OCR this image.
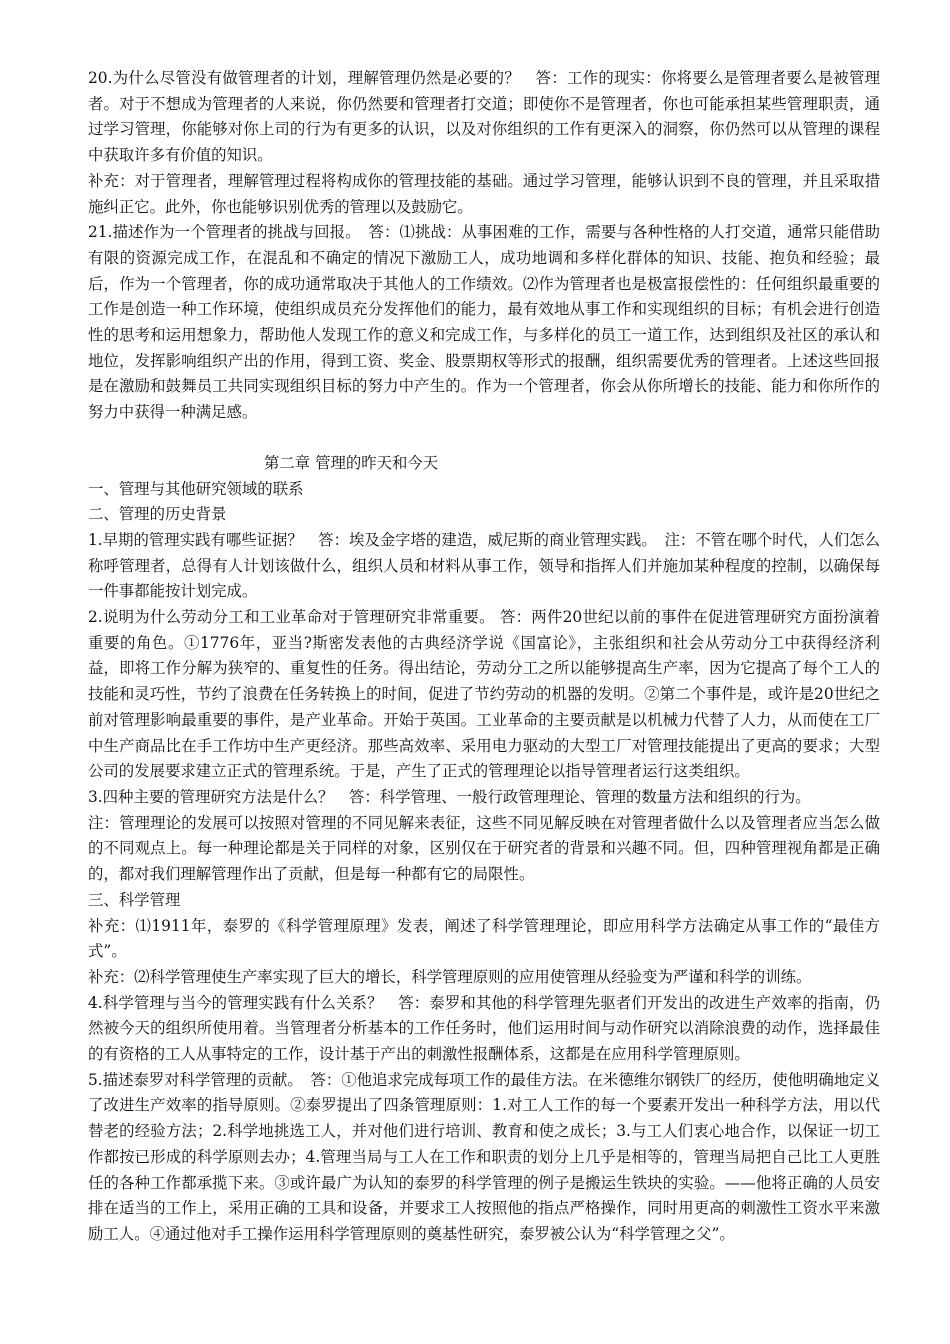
20.为什么尽管没有做管理者的计划，理解管理仍然是必要的？　答：工作的现实：你将要么是管理者要么是被管理者。对于不想成为管理者的人来说，你仍然要和管理者打交道；即使你不是管理者，你也可能承担某些管理职责，通过学习管理，你能够对你上司的行为有更多的认识，以及对你组织的工作有更深入的洞察，你仍然可以从管理的课程中获取许多有价值的知识。

补充：对于管理者，理解管理过程将构成你的管理技能的基础。通过学习管理，能够认识到不良的管理，并且采取措施纠正它。此外，你也能够识别优秀的管理以及鼓励它。

21.描述作为一个管理者的挑战与回报。　答：⑴挑战：从事困难的工作，需要与各种性格的人打交道，通常只能借助有限的资源完成工作，在混乱和不确定的情况下激励工人，成功地调和多样化群体的知识、技能、抱负和经验；最后，作为一个管理者，你的成功通常取决于其他人的工作绩效。⑵作为管理者也是极富报偿性的：任何组织最重要的工作是创造一种工作环境，使组织成员充分发挥他们的能力，最有效地从事工作和实现组织的目标；有机会进行创造性的思考和运用想象力，帮助他人发现工作的意义和完成工作，与多样化的员工一道工作，达到组织及社区的承认和地位，发挥影响组织产出的作用，得到工资、奖金、股票期权等形式的报酬，组织需要优秀的管理者。上述这些回报是在激励和鼓舞员工共同实现组织目标的努力中产生的。作为一个管理者，你会从你所增长的技能、能力和你所作的努力中获得一种满足感。

第二章 管理的昨天和今天

一、管理与其他研究领域的联系

二、管理的历史背景

1.早期的管理实践有哪些证据？　答：埃及金字塔的建造，威尼斯的商业管理实践。　注：不管在哪个时代，人们怎么称呼管理者，总得有人计划该做什么，组织人员和材料从事工作，领导和指挥人们并施加某种程度的控制，以确保每一件事都能按计划完成。

2.说明为什么劳动分工和工业革命对于管理研究非常重要。 答：两件20世纪以前的事件在促进管理研究方面扮演着重要的角色。①1776年，亚当?斯密发表他的古典经济学说《国富论》，主张组织和社会从劳动分工中获得经济利益，即将工作分解为狭窄的、重复性的任务。得出结论，劳动分工之所以能够提高生产率，因为它提高了每个工人的技能和灵巧性，节约了浪费在任务转换上的时间，促进了节约劳动的机器的发明。②第二个事件是，或许是20世纪之前对管理影响最重要的事件，是产业革命。开始于英国。工业革命的主要贡献是以机械力代替了人力，从而使在工厂中生产商品比在手工作坊中生产更经济。那些高效率、采用电力驱动的大型工厂对管理技能提出了更高的要求；大型公司的发展要求建立正式的管理系统。于是，产生了正式的管理理论以指导管理者运行这类组织。

3.四种主要的管理研究方法是什么？　答：科学管理、一般行政管理理论、管理的数量方法和组织的行为。

注：管理理论的发展可以按照对管理的不同见解来表征，这些不同见解反映在对管理者做什么以及管理者应当怎么做的不同观点上。每一种理论都是关于同样的对象，区别仅在于研究者的背景和兴趣不同。但，四种管理视角都是正确的，都对我们理解管理作出了贡献，但是每一种都有它的局限性。

三、科学管理

补充：⑴1911年，泰罗的《科学管理原理》发表，阐述了科学管理理论，即应用科学方法确定从事工作的“最佳方式”。

补充：⑵科学管理使生产率实现了巨大的增长，科学管理原则的应用使管理从经验变为严谨和科学的训练。

4.科学管理与当今的管理实践有什么关系？　答：泰罗和其他的科学管理先驱者们开发出的改进生产效率的指南，仍然被今天的组织所使用着。当管理者分析基本的工作任务时，他们运用时间与动作研究以消除浪费的动作，选择最佳的有资格的工人从事特定的工作，设计基于产出的刺激性报酬体系，这都是在应用科学管理原则。

5.描述泰罗对科学管理的贡献。　答：①他追求完成每项工作的最佳方法。在米德维尔钢铁厂的经历，使他明确地定义了改进生产效率的指导原则。②泰罗提出了四条管理原则：1.对工人工作的每一个要素开发出一种科学方法，用以代替老的经验方法；2.科学地挑选工人，并对他们进行培训、教育和使之成长；3.与工人们衷心地合作，以保证一切工作都按已形成的科学原则去办；4.管理当局与工人在工作和职责的划分上几乎是相等的，管理当局把自己比工人更胜任的各种工作都承揽下来。③或许最广为认知的泰罗的科学管理的例子是搬运生铁块的实验。——他将正确的人员安排在适当的工作上，采用正确的工具和设备，并要求工人按照他的指点严格操作，同时用更高的刺激性工资水平来激励工人。④通过他对手工操作运用科学管理原则的奠基性研究，泰罗被公认为“科学管理之父”。
